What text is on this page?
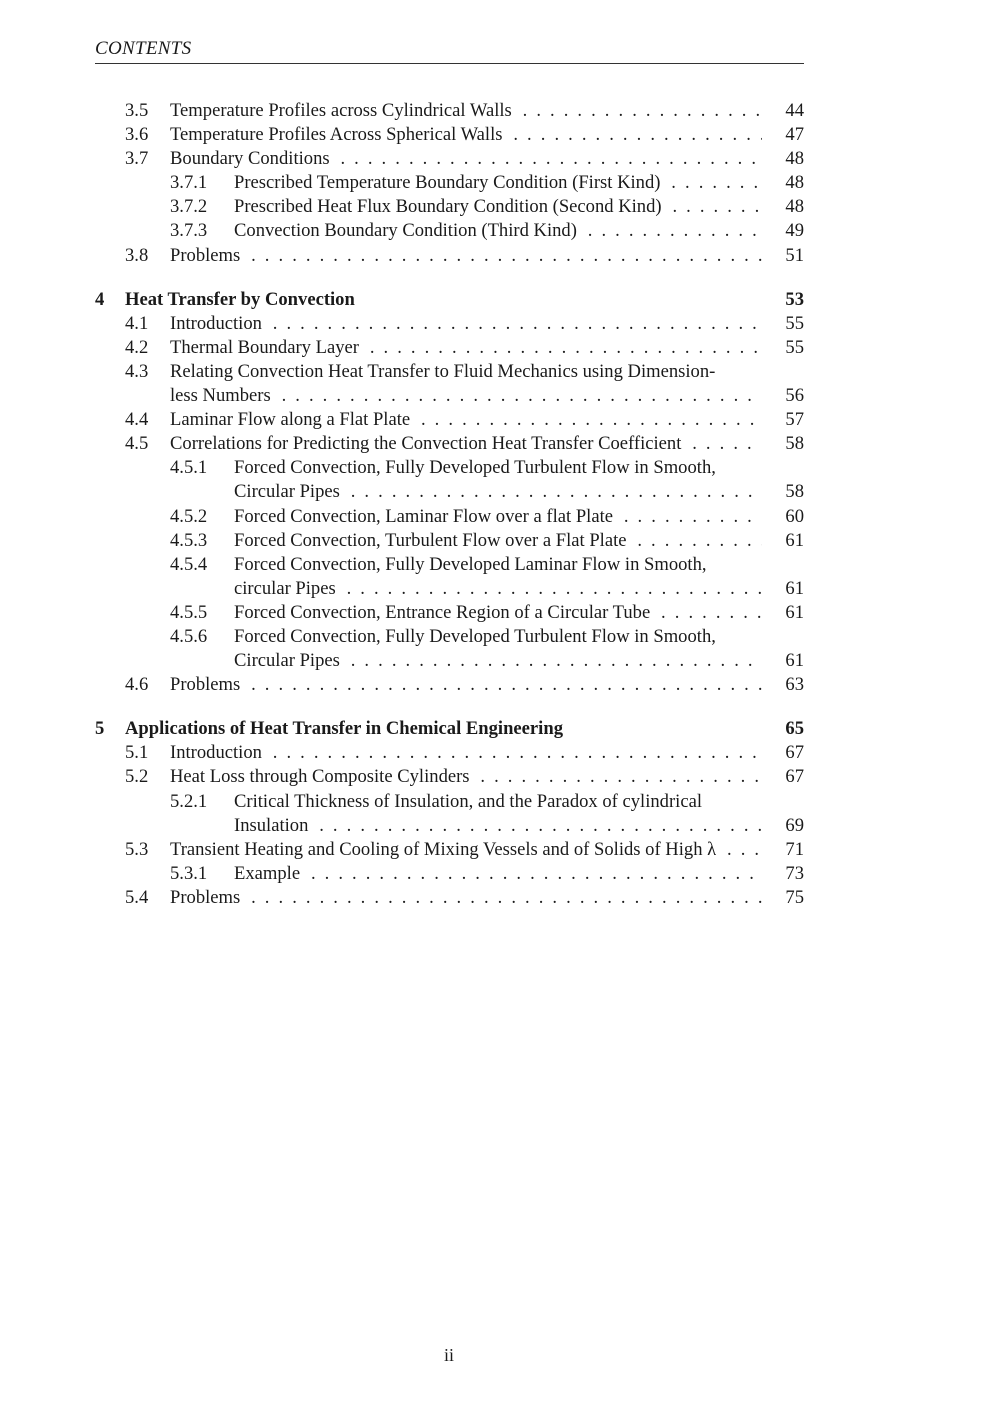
CONTENTS
3.5 Temperature Profiles across Cylindrical Walls . . .	44
3.6 Temperature Profiles Across Spherical Walls . . .	47
3.7 Boundary Conditions . . .	48
3.7.1 Prescribed Temperature Boundary Condition (First Kind) . . .	48
3.7.2 Prescribed Heat Flux Boundary Condition (Second Kind) . . .	48
3.7.3 Convection Boundary Condition (Third Kind) . . .	49
3.8 Problems . . .	51
4 Heat Transfer by Convection	53
4.1 Introduction . . .	55
4.2 Thermal Boundary Layer . . .	55
4.3 Relating Convection Heat Transfer to Fluid Mechanics using Dimension-
less Numbers . . .	56
4.4 Laminar Flow along a Flat Plate . . .	57
4.5 Correlations for Predicting the Convection Heat Transfer Coefficient . . .	58
4.5.1 Forced Convection, Fully Developed Turbulent Flow in Smooth,
Circular Pipes . . .	58
4.5.2 Forced Convection, Laminar Flow over a flat Plate . . .	60
4.5.3 Forced Convection, Turbulent Flow over a Flat Plate . . .	61
4.5.4 Forced Convection, Fully Developed Laminar Flow in Smooth,
circular Pipes . . .	61
4.5.5 Forced Convection, Entrance Region of a Circular Tube . . .	61
4.5.6 Forced Convection, Fully Developed Turbulent Flow in Smooth,
Circular Pipes . . .	61
4.6 Problems . . .	63
5 Applications of Heat Transfer in Chemical Engineering	65
5.1 Introduction . . .	67
5.2 Heat Loss through Composite Cylinders . . .	67
5.2.1 Critical Thickness of Insulation, and the Paradox of cylindrical
Insulation . . .	69
5.3 Transient Heating and Cooling of Mixing Vessels and of Solids of High λ . . .	71
5.3.1 Example . . .	73
5.4 Problems . . .	75
ii
